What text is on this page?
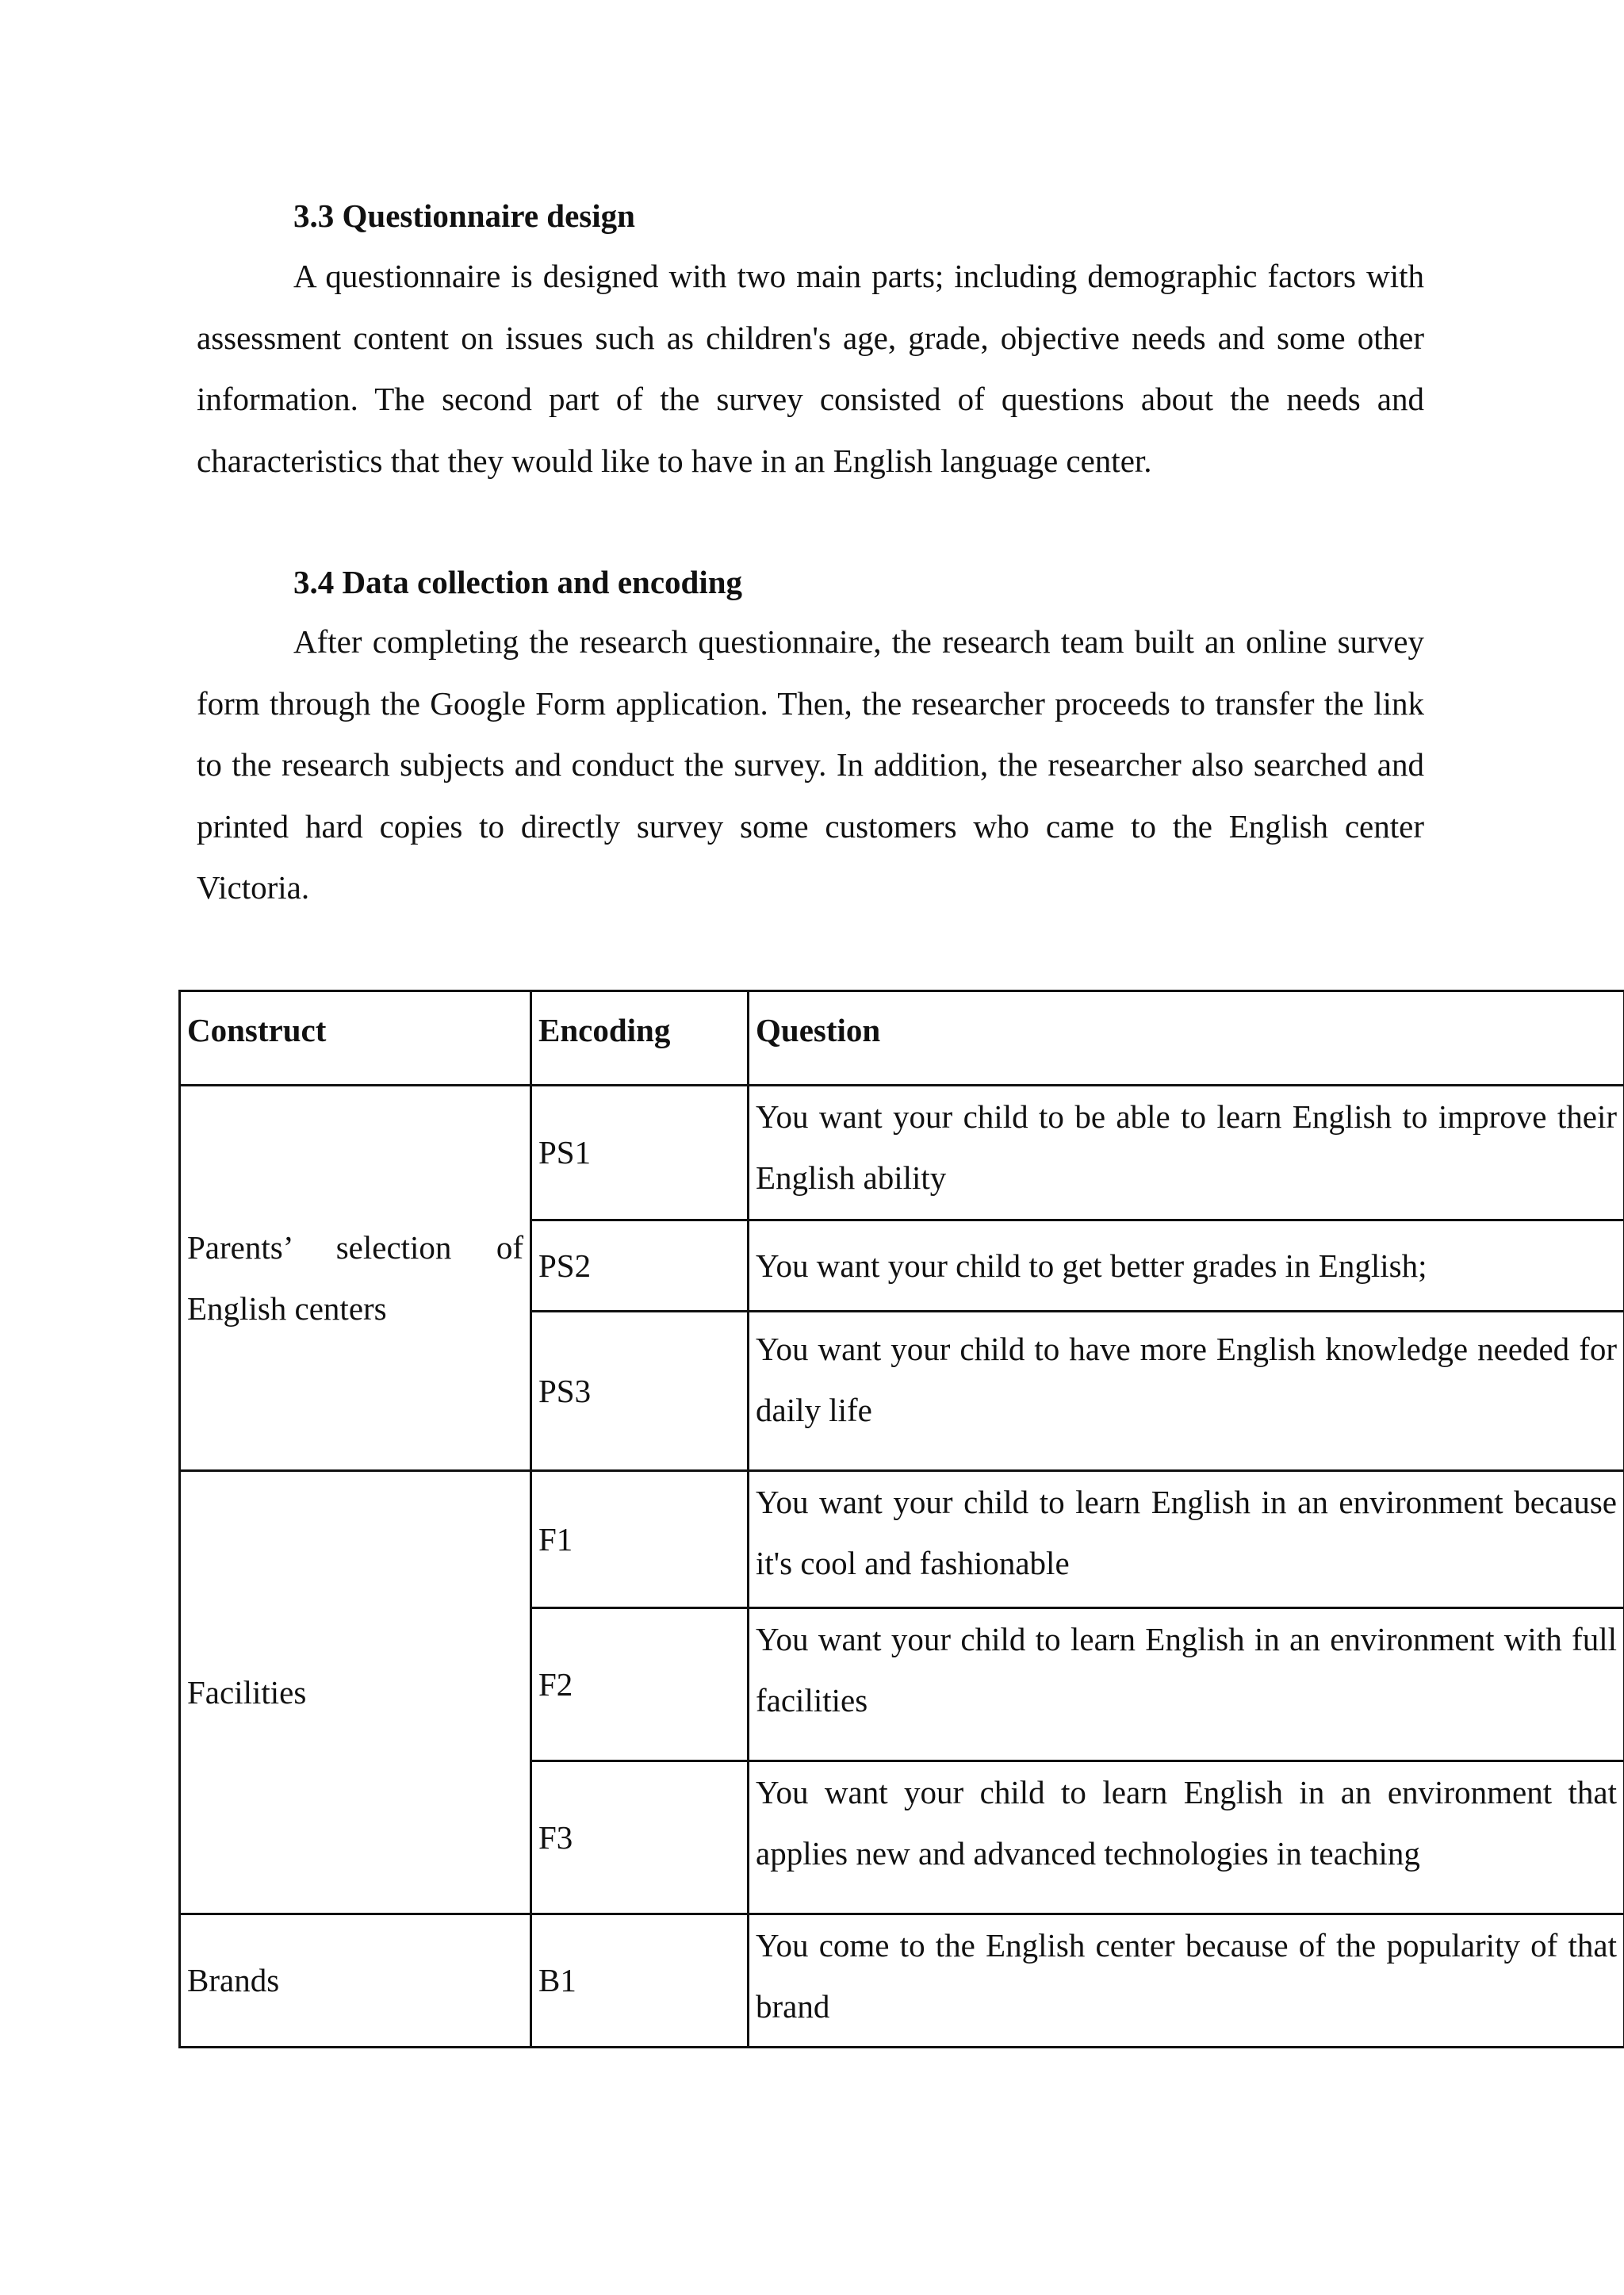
3.3 Questionnaire design

A questionnaire is designed with two main parts; including demographic factors with assessment content on issues such as children's age, grade, objective needs and some other information. The second part of the survey consisted of questions about the needs and characteristics that they would like to have in an English language center.

3.4 Data collection and encoding

After completing the research questionnaire, the research team built an online survey form through the Google Form application. Then, the researcher proceeds to transfer the link to the research subjects and conduct the survey. In addition, the researcher also searched and printed hard copies to directly survey some customers who came to the English center Victoria.

Construct	Encoding	Question
Parents’ selection of English centers	PS1	You want your child to be able to learn English to improve their English ability
	PS2	You want your child to get better grades in English;
	PS3	You want your child to have more English knowledge needed for daily life
Facilities	F1	You want your child to learn English in an environment because it's cool and fashionable
	F2	You want your child to learn English in an environment with full facilities
	F3	You want your child to learn English in an environment that applies new and advanced technologies in teaching
Brands	B1	You come to the English center because of the popularity of that brand
